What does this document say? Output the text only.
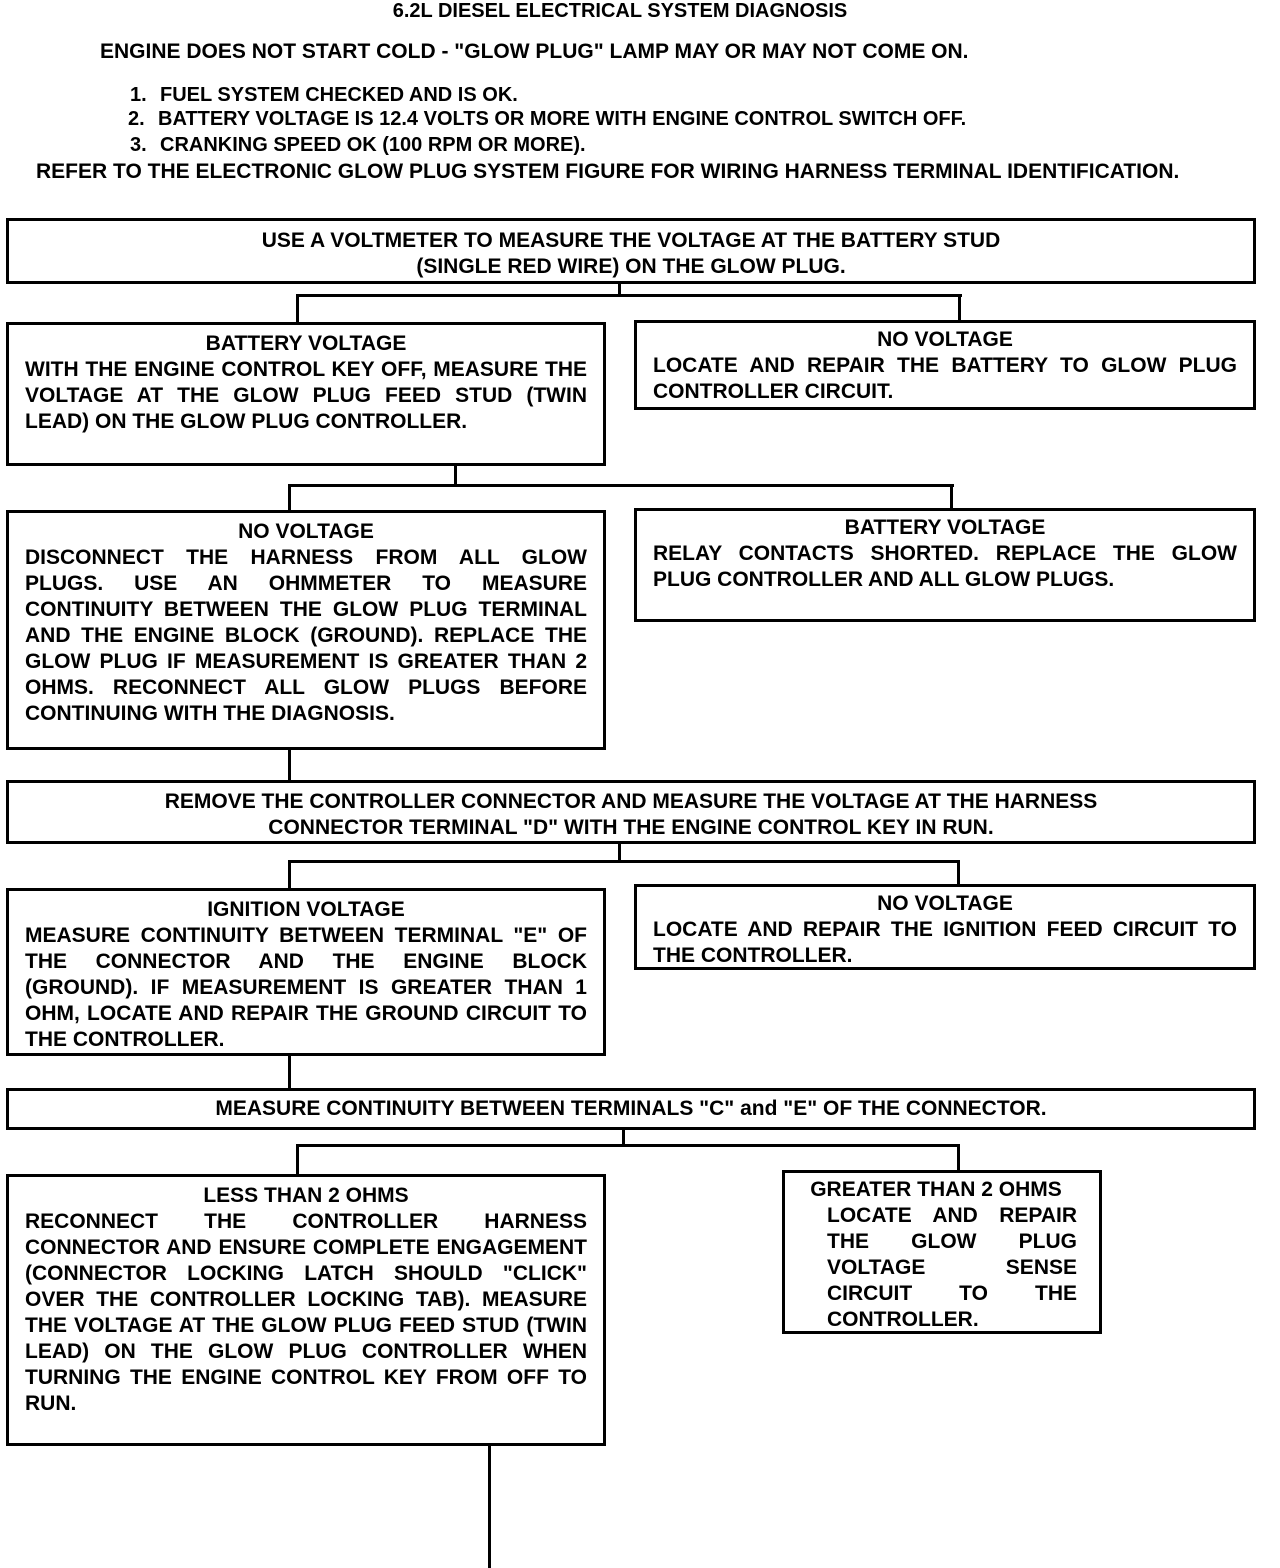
6.2L DIESEL ELECTRICAL SYSTEM DIAGNOSIS
ENGINE DOES NOT START COLD - "GLOW PLUG" LAMP MAY OR MAY NOT COME ON.
1. FUEL SYSTEM CHECKED AND IS OK.
2. BATTERY VOLTAGE IS 12.4 VOLTS OR MORE WITH ENGINE CONTROL SWITCH OFF.
3. CRANKING SPEED OK (100 RPM OR MORE).
REFER TO THE ELECTRONIC GLOW PLUG SYSTEM FIGURE FOR WIRING HARNESS TERMINAL IDENTIFICATION.
USE A VOLTMETER TO MEASURE THE VOLTAGE AT THE BATTERY STUD
(SINGLE RED WIRE) ON THE GLOW PLUG.
BATTERY VOLTAGE
WITH THE ENGINE CONTROL KEY OFF, MEASURE THE VOLTAGE AT THE GLOW PLUG FEED STUD (TWIN LEAD) ON THE GLOW PLUG CONTROLLER.
NO VOLTAGE
LOCATE AND REPAIR THE BATTERY TO GLOW PLUG CONTROLLER CIRCUIT.
NO VOLTAGE
DISCONNECT THE HARNESS FROM ALL GLOW PLUGS. USE AN OHMMETER TO MEASURE CONTINUITY BETWEEN THE GLOW PLUG TERMINAL AND THE ENGINE BLOCK (GROUND). REPLACE THE GLOW PLUG IF MEASUREMENT IS GREATER THAN 2 OHMS. RECONNECT ALL GLOW PLUGS BEFORE CONTINUING WITH THE DIAGNOSIS.
BATTERY VOLTAGE
RELAY CONTACTS SHORTED. REPLACE THE GLOW PLUG CONTROLLER AND ALL GLOW PLUGS.
REMOVE THE CONTROLLER CONNECTOR AND MEASURE THE VOLTAGE AT THE HARNESS
CONNECTOR TERMINAL "D" WITH THE ENGINE CONTROL KEY IN RUN.
IGNITION VOLTAGE
MEASURE CONTINUITY BETWEEN TERMINAL "E" OF THE CONNECTOR AND THE ENGINE BLOCK (GROUND). IF MEASUREMENT IS GREATER THAN 1 OHM, LOCATE AND REPAIR THE GROUND CIRCUIT TO THE CONTROLLER.
NO VOLTAGE
LOCATE AND REPAIR THE IGNITION FEED CIRCUIT TO THE CONTROLLER.
MEASURE CONTINUITY BETWEEN TERMINALS "C" and "E" OF THE CONNECTOR.
LESS THAN 2 OHMS
RECONNECT THE CONTROLLER HARNESS CONNECTOR AND ENSURE COMPLETE ENGAGEMENT (CONNECTOR LOCKING LATCH SHOULD "CLICK" OVER THE CONTROLLER LOCKING TAB). MEASURE THE VOLTAGE AT THE GLOW PLUG FEED STUD (TWIN LEAD) ON THE GLOW PLUG CONTROLLER WHEN TURNING THE ENGINE CONTROL KEY FROM OFF TO RUN.
GREATER THAN 2 OHMS
LOCATE AND REPAIR THE GLOW PLUG VOLTAGE SENSE CIRCUIT TO THE CONTROLLER.
